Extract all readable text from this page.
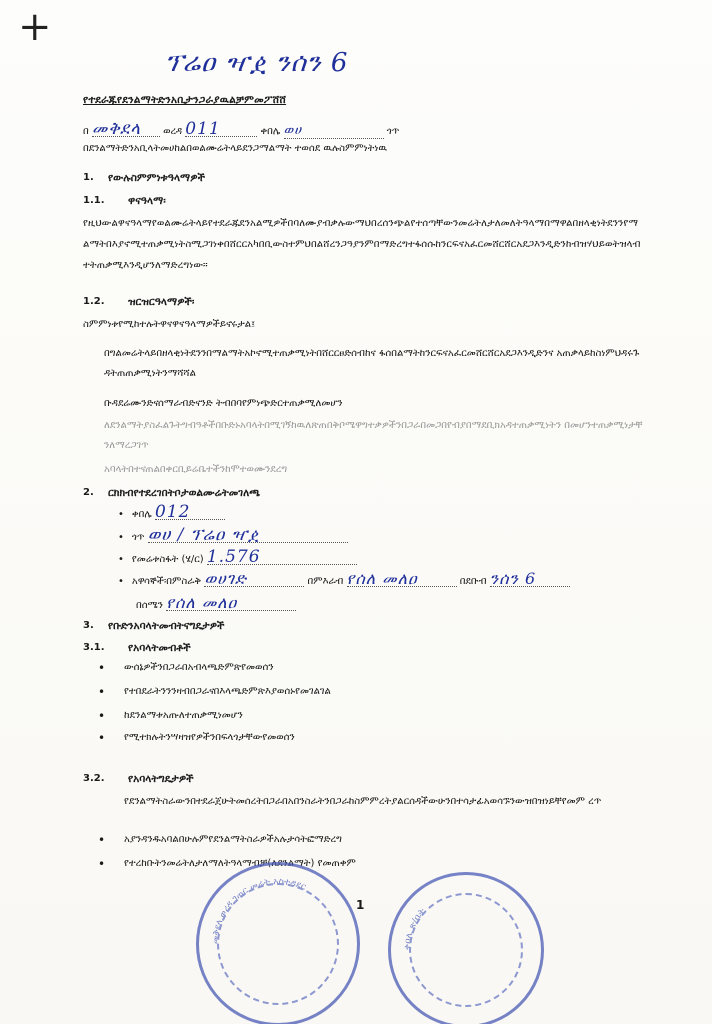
+
ፕሬዐ ዣዸ ንሰን 6
የተደራጁየደንልማትድንአቢታንጋራያዉልቻምመፖሸሸ
በ መቅደላ ወረዳ 011	ቀበሌ ወሀ	ጎጥ
በደንልማትድንአቢላትመሀከልበወልሙሬትላይደንጋማልማት ተወሰደ ዉሉስምምነትነዉ
1. የውሉስምምነቱዓላማዎች
1.1. ዋናዓላማ፡
የዚህውልዋናዓላማየወልሙሬትላይየተደራጁደንአልሚዎችበባለሙያብቃሉውማህበረሰንጭልየተሰጣቸውንመሬትለታለመለትዓላማበማዋልበዘላቂነትደንንየማልማትበእያኖሚተጠቃሚነትስሚጋገነቀበሸርርአካበቢውስተምህበልሸረንጋዓያንምበማድረግተፋሰሱከንርፍናአፈርመሸርሸርአደጋእንዲድንከብዝሃህይወትዝላብተትጠቃሚእንዲሆንለማድረግነው።
1.2. ዝርዝርዓላማዎች፡
ስምምነቱየሚከተሉትዋናዋናዓላማዎችይኖሩታል፤
• በግልመሬትላይበዘላቂነትደንንበማልማትአኮኖሚተጠቃሚነትበሸርርፀድሰብከና ፋሰበልማትከንርፍናአፈርመሸርሸርአደጋእንዲድንና አጠቃላይከስነምህዳሩጉዳትጠጠቃሚነትንማሻሻል
• ቡዳደሬሙንድናሰማራብድናንድ ትብበባየምነጭድርተጠቃሚለመሆን
• ለደንልማትያስፈልጉትግብዓቶችበቡድኑአባላትበሚገኝከዉለጽጠበቅቦሜዋግተቃዎችንበጋራበመጋበየብያበማደቢክአዳተጠቃሚነትን በመሆንተጠቃሚነታቸንለማረጋገጥ
• አባላትበተናጠልበቀርቢይሬቤተችንከሞተወሙንደረግ
2. ርክክብየተደረገበትቦታወልሙሬትመገለጫ
• ቀበሌ 012
• ጎጥ ወሀ / ፕሬዐ ዣዸ
• የመሬቱስፋት (ሄ/ር) 1.576
• አዋሳኞች፡በምስራቅ ወሀገድ	በምእራብ የሰለ መለዐ	በደቡብ ንሰን 6
በሰሜን የሰለ መለዐ
3. የቡድንአባላትመብትናግዴታዎች
3.1. የአባላትመብቶች
• ውሰኔዎችንበጋራበአብላጫድምጽየመወሰን
• የተበደራትንንንዛብበጋራናበእላጫድምጽእያወሰኑየመገልገል
• ከደንልማቱአጡለተጠቃሚነመሆን
• የሚተክሉትንሣዛዝየዎችንበፍላጎታቸውየመወሰን
3.2. የአባላትግዴታዎች
• የደንልማትስራውንበተደራጀሁትመሰረትበጋራበአበንስራትንበጋራከስምምረትያልርሰዳችውሁንበተሳታፊአወሳኙንውዝበዝነይቸየመም ረጥ
• አያንዳንዱአባልበሁሉምየደንልማትስራዎችአሉታሳትፎማድረግ
• የተረከቡትንመሬትለታለማለትዓላማብቻ(ለደንልማት) የመጠቀም
መቅደላ ወረዳ ገጠር መሬት አስተዳደር
ቀበሌ ጽ/ቤት
1
